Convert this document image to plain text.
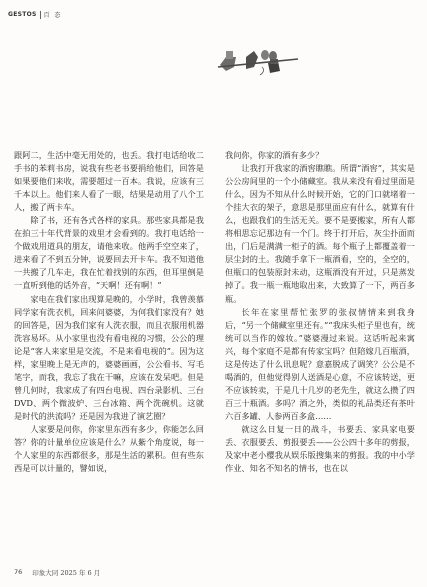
GESTOS 百 态

跟阿二，生活中毫无用处的，也丢。我打电话给收二手书的苯莉书房，说我有些老书要捐给他们，回答是如果要他们来收，需要超过一百本。我说，应该有三千本以上。他们来人看了一眼，结果是动用了八个工人，搬了两卡车。

除了书，还有各式各样的家具。那些家具都是我在拍三十年代背景的戏里才会看到的。我打电话给一个做戏用道具的朋友，请他来收。他两手空空来了，进来看了不到五分钟，说要回去开卡车。我不知道他一共搬了几车走，我在忙着找别的东西，但耳里倒是一直听到他的话外音，“天啊！还有啊！”

家电在我们家出现算是晚的，小学时，我曾羡慕同学家有洗衣机，回来问婆婆，为何我们家没有？她的回答是，因为我们家有人洗衣服，而且衣服用机器洗容易坏。从小家里也没有看电视的习惯，公公的理论是“客人来家里是交流，不是来看电视的”。因为这样，家里晚上是无声的，婆婆画画，公公看书、写毛笔字，而我，我忘了我在干嘛，应该在发呆吧。但是曾几何时，我家成了有四台电视、四台录影机、三台DVD、两个微波炉、三台冰箱、两个洗碗机。这就是时代的洪流吗？还是因为我进了演艺圈？

人家要是问你，你家里东西有多少，你能怎么回答？你的计量单位应该是什么？从紫个角度说，每一个人家里的东西都很多，那是生活的累积。但有些东西是可以计量的，譬如说，

我问你，你家的酒有多少？

让我打开我家的酒窖瞧瞧。所谓“酒窖”，其实是公公房间里的一个小储藏室。我从来没有看过里面是什么，因为不知从什么时候开始，它的门口就堵着一个挂大衣的架子，意思是那里面应有什么，就算有什么，也跟我们的生活无关。要不是要搬家，所有人都将相思忘记那边有一个门。终于打开后，灰尘扑面而出，门后是满满一柜子的酒。每个瓶子上都覆盖着一层尘封的土。我随手拿下一瓶酒看，空的，全空的，但瓶口的包装原封未动，这瓶酒没有开过，只是蒸发掉了。我一瓶一瓶地取出来，大致算了一下，两百多瓶。

长年在家里帮忙张罗的张叔情情来到我身后，“另一个储藏室里还有。”“我床头柜子里也有，统统可以当作的嫁妆。”婆婆漫过来说。这话听起来寓兴，每个家庭不是都有传家宝吗？但陪嫁几百瓶酒，这是传达了什么讯息呢？意嘉脱成了调笑？公公是不喝酒的，但他觉得别人送酒是心意，不应该转送，更不应该转卖，于是几十几岁的老先生，就这么攒了四百三十瓶酒。多吗？酒之外，类似的礼品类还有茶叶六百多罐、人参两百多盒……

就这么日复一日的战斗，书要丢、家具家电要丢、衣服要丢、剪报要丢——公公四十多年的剪报，及家中老小樱我从娱乐版搜集来的剪报。我的中小学作业、知名不知名的情书，也在以

76 印象大同 2025 年 6 月
